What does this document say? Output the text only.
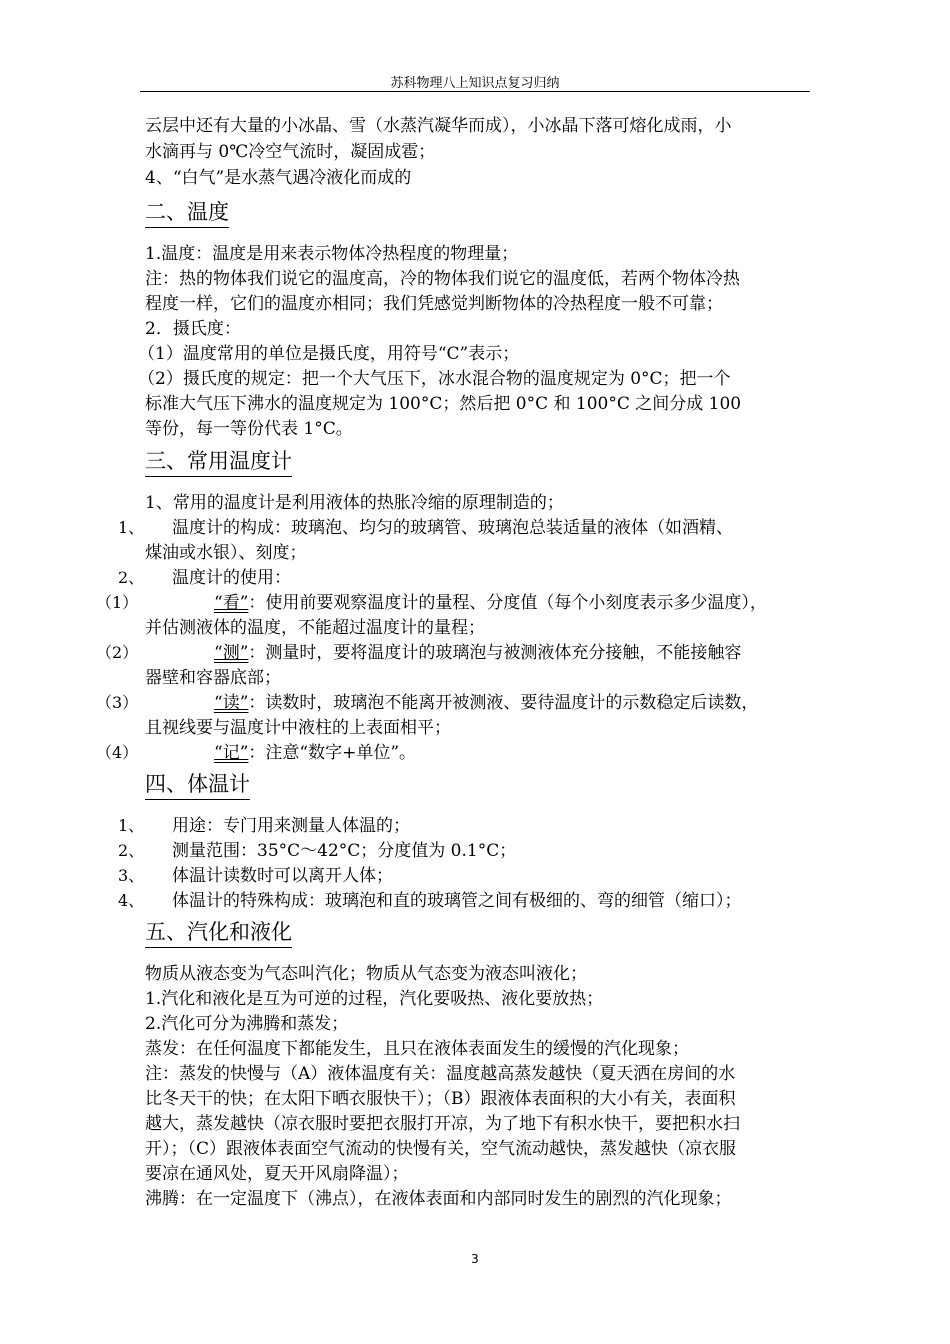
苏科物理八上知识点复习归纳
云层中还有大量的小冰晶、雪（水蒸汽凝华而成），小冰晶下落可熔化成雨，小
水滴再与 0℃冷空气流时，凝固成雹；
4、“白气”是水蒸气遇冷液化而成的
二、温度
1.温度：温度是用来表示物体冷热程度的物理量；
注：热的物体我们说它的温度高，冷的物体我们说它的温度低，若两个物体冷热
程度一样，它们的温度亦相同；我们凭感觉判断物体的冷热程度一般不可靠；
2．摄氏度：
（1）温度常用的单位是摄氏度，用符号“C”表示；
（2）摄氏度的规定：把一个大气压下，冰水混合物的温度规定为 0°C；把一个
标准大气压下沸水的温度规定为 100°C；然后把 0°C 和 100°C 之间分成 100
等份，每一等份代表 1°C。
三、常用温度计
1、常用的温度计是利用液体的热胀冷缩的原理制造的；
1、 温度计的构成：玻璃泡、均匀的玻璃管、玻璃泡总装适量的液体（如酒精、
煤油或水银）、刻度；
2、 温度计的使用：
（1）	“看”：使用前要观察温度计的量程、分度值（每个小刻度表示多少温度），
并估测液体的温度，不能超过温度计的量程；
（2）	“测”：测量时，要将温度计的玻璃泡与被测液体充分接触，不能接触容
器壁和容器底部；
（3）	“读”：读数时，玻璃泡不能离开被测液、要待温度计的示数稳定后读数，
且视线要与温度计中液柱的上表面相平；
（4）	“记”：注意“数字+单位”。
四、体温计
1、 用途：专门用来测量人体温的；
2、 测量范围：35°C～42°C；分度值为 0.1°C；
3、 体温计读数时可以离开人体；
4、 体温计的特殊构成：玻璃泡和直的玻璃管之间有极细的、弯的细管（缩口）；
五、汽化和液化
物质从液态变为气态叫汽化；物质从气态变为液态叫液化；
1.汽化和液化是互为可逆的过程，汽化要吸热、液化要放热；
2.汽化可分为沸腾和蒸发；
蒸发：在任何温度下都能发生，且只在液体表面发生的缓慢的汽化现象；
注：蒸发的快慢与（A）液体温度有关：温度越高蒸发越快（夏天洒在房间的水
比冬天干的快；在太阳下晒衣服快干）；（B）跟液体表面积的大小有关，表面积
越大，蒸发越快（凉衣服时要把衣服打开凉，为了地下有积水快干，要把积水扫
开）；（C）跟液体表面空气流动的快慢有关，空气流动越快，蒸发越快（凉衣服
要凉在通风处，夏天开风扇降温）；
沸腾：在一定温度下（沸点），在液体表面和内部同时发生的剧烈的汽化现象；
3
